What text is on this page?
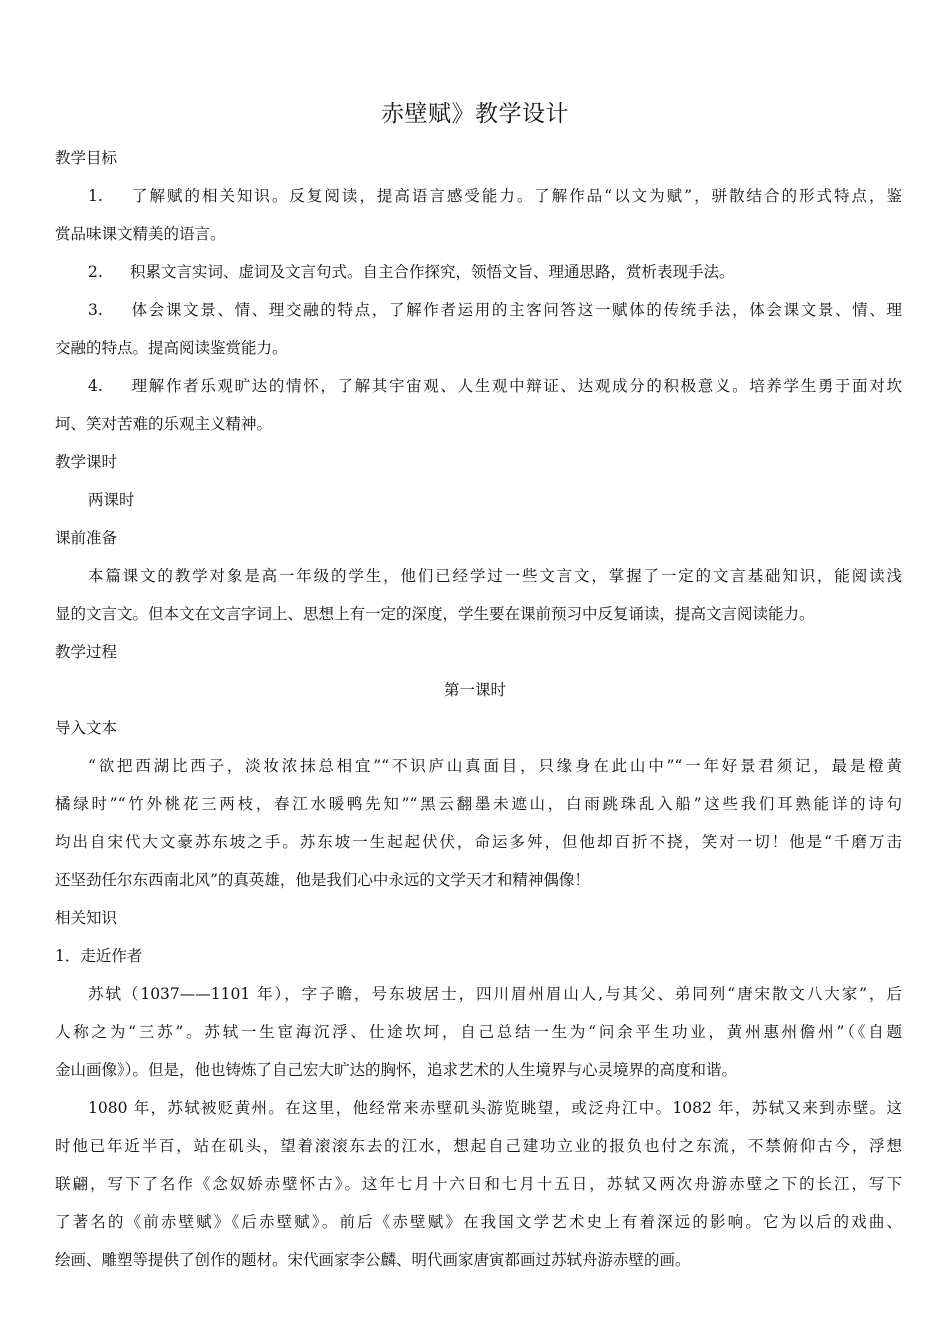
赤壁赋》教学设计
教学目标
1. 了解赋的相关知识。反复阅读，提高语言感受能力。了解作品“以文为赋”，骈散结合的形式特点，鉴
赏品味课文精美的语言。
2. 积累文言实词、虚词及文言句式。自主合作探究，领悟文旨、理通思路，赏析表现手法。
3. 体会课文景、情、理交融的特点，了解作者运用的主客问答这一赋体的传统手法，体会课文景、情、理
交融的特点。提高阅读鉴赏能力。
4. 理解作者乐观旷达的情怀，了解其宇宙观、人生观中辩证、达观成分的积极意义。培养学生勇于面对坎
坷、笑对苦难的乐观主义精神。
教学课时
两课时
课前准备
本篇课文的教学对象是高一年级的学生，他们已经学过一些文言文，掌握了一定的文言基础知识，能阅读浅
显的文言文。但本文在文言字词上、思想上有一定的深度，学生要在课前预习中反复诵读，提高文言阅读能力。
教学过程
第一课时
导入文本
“欲把西湖比西子，淡妆浓抹总相宜”“不识庐山真面目，只缘身在此山中”“一年好景君须记，最是橙黄
橘绿时”“竹外桃花三两枝，春江水暖鸭先知”“黑云翻墨未遮山，白雨跳珠乱入船”这些我们耳熟能详的诗句
均出自宋代大文豪苏东坡之手。苏东坡一生起起伏伏，命运多舛，但他却百折不挠，笑对一切！他是“千磨万击
还坚劲任尔东西南北风”的真英雄，他是我们心中永远的文学天才和精神偶像！
相关知识
1．走近作者
苏轼（1037——1101 年），字子瞻，号东坡居士，四川眉州眉山人,与其父、弟同列“唐宋散文八大家”，后
人称之为“三苏”。苏轼一生宦海沉浮、仕途坎坷，自己总结一生为“问余平生功业，黄州惠州儋州”（《自题
金山画像》）。但是，他也铸炼了自己宏大旷达的胸怀，追求艺术的人生境界与心灵境界的高度和谐。
1080 年，苏轼被贬黄州。在这里，他经常来赤壁矶头游览眺望，或泛舟江中。1082 年，苏轼又来到赤壁。这
时他已年近半百，站在矶头，望着滚滚东去的江水，想起自己建功立业的报负也付之东流，不禁俯仰古今，浮想
联翩，写下了名作《念奴娇赤壁怀古》。这年七月十六日和七月十五日，苏轼又两次舟游赤壁之下的长江，写下
了著名的《前赤壁赋》《后赤壁赋》。前后《赤壁赋》在我国文学艺术史上有着深远的影响。它为以后的戏曲、
绘画、雕塑等提供了创作的题材。宋代画家李公麟、明代画家唐寅都画过苏轼舟游赤壁的画。
